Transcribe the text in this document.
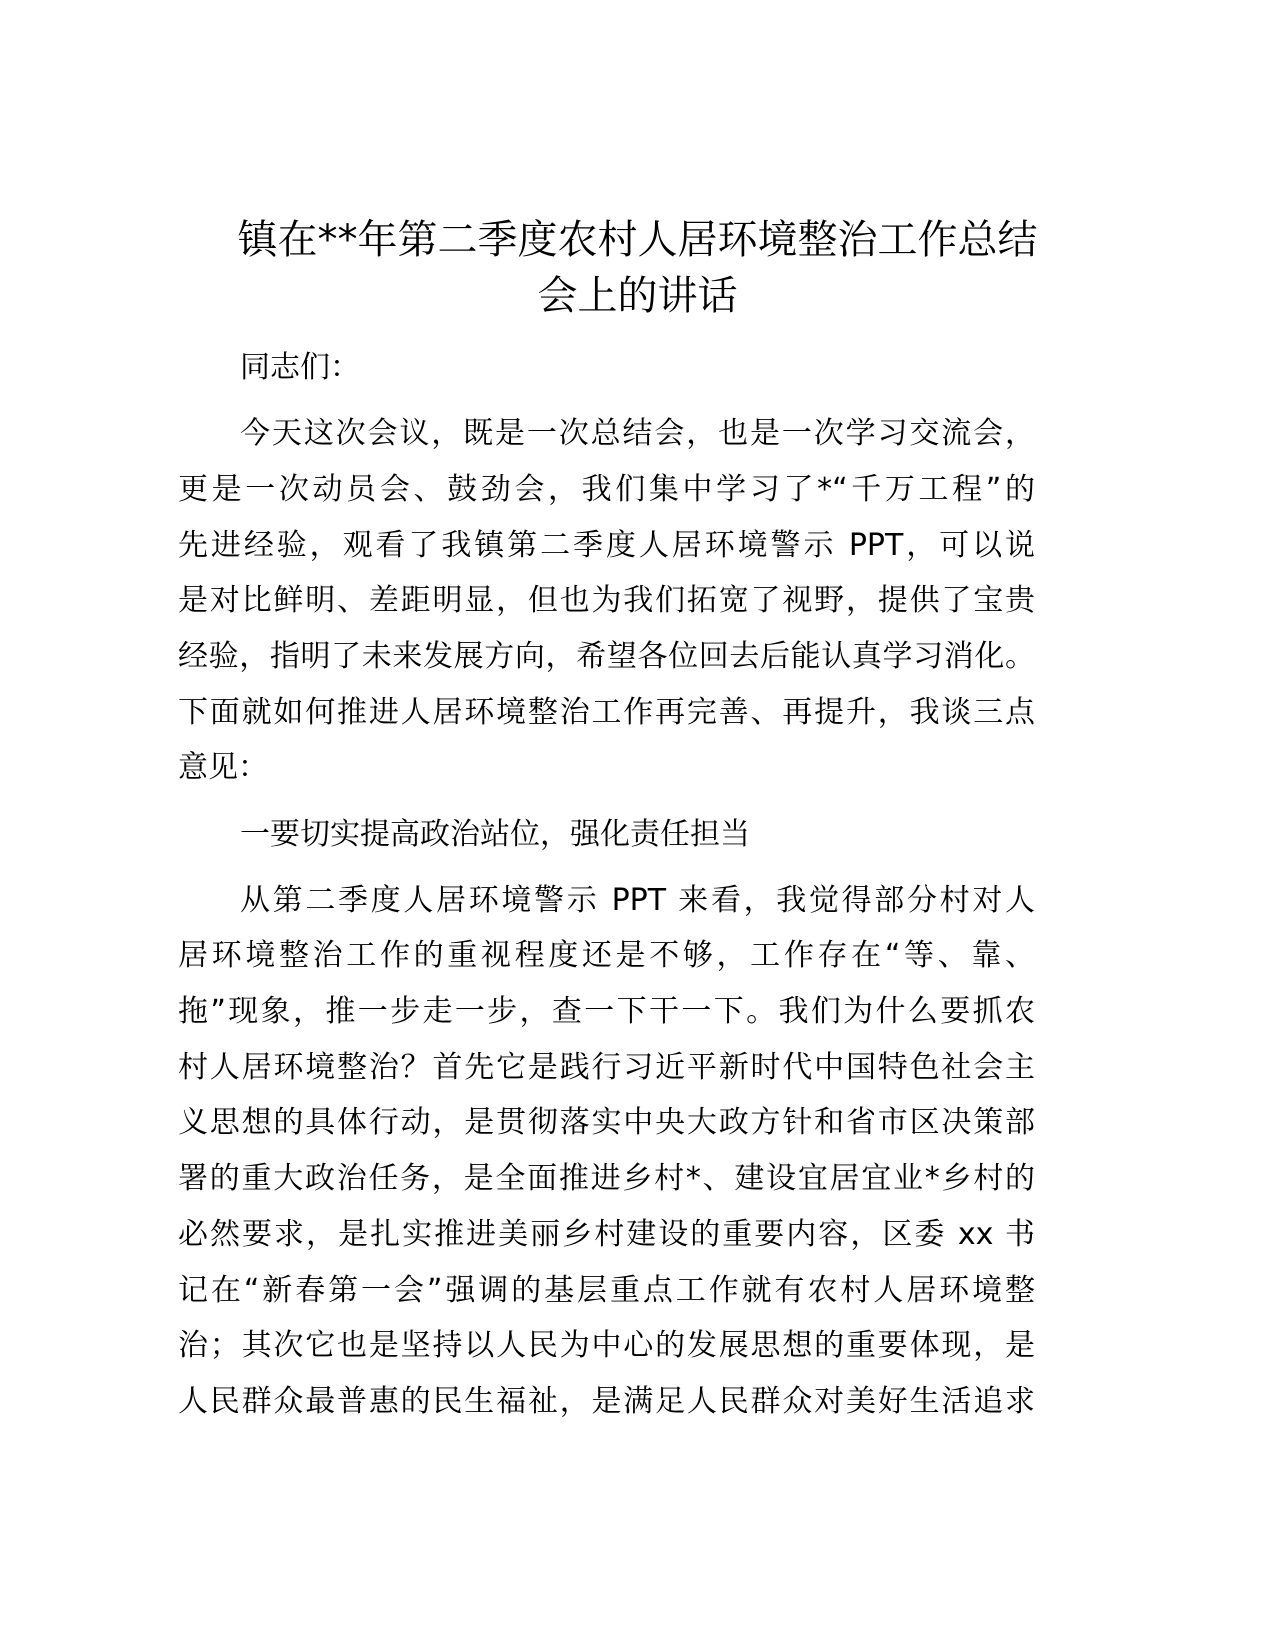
镇在**年第二季度农村人居环境整治工作总结
会上的讲话
同志们：
今天这次会议，既是一次总结会，也是一次学习交流会，
更是一次动员会、鼓劲会，我们集中学习了*“千万工程”的
先进经验，观看了我镇第二季度人居环境警示 PPT，可以说
是对比鲜明、差距明显，但也为我们拓宽了视野，提供了宝贵
经验，指明了未来发展方向，希望各位回去后能认真学习消化。
下面就如何推进人居环境整治工作再完善、再提升，我谈三点
意见：
一要切实提高政治站位，强化责任担当
从第二季度人居环境警示 PPT 来看，我觉得部分村对人
居环境整治工作的重视程度还是不够，工作存在“等、靠、
拖”现象，推一步走一步，查一下干一下。我们为什么要抓农
村人居环境整治？首先它是践行习近平新时代中国特色社会主
义思想的具体行动，是贯彻落实中央大政方针和省市区决策部
署的重大政治任务，是全面推进乡村*、建设宜居宜业*乡村的
必然要求，是扎实推进美丽乡村建设的重要内容，区委 xx 书
记在“新春第一会”强调的基层重点工作就有农村人居环境整
治；其次它也是坚持以人民为中心的发展思想的重要体现，是
人民群众最普惠的民生福祉，是满足人民群众对美好生活追求
